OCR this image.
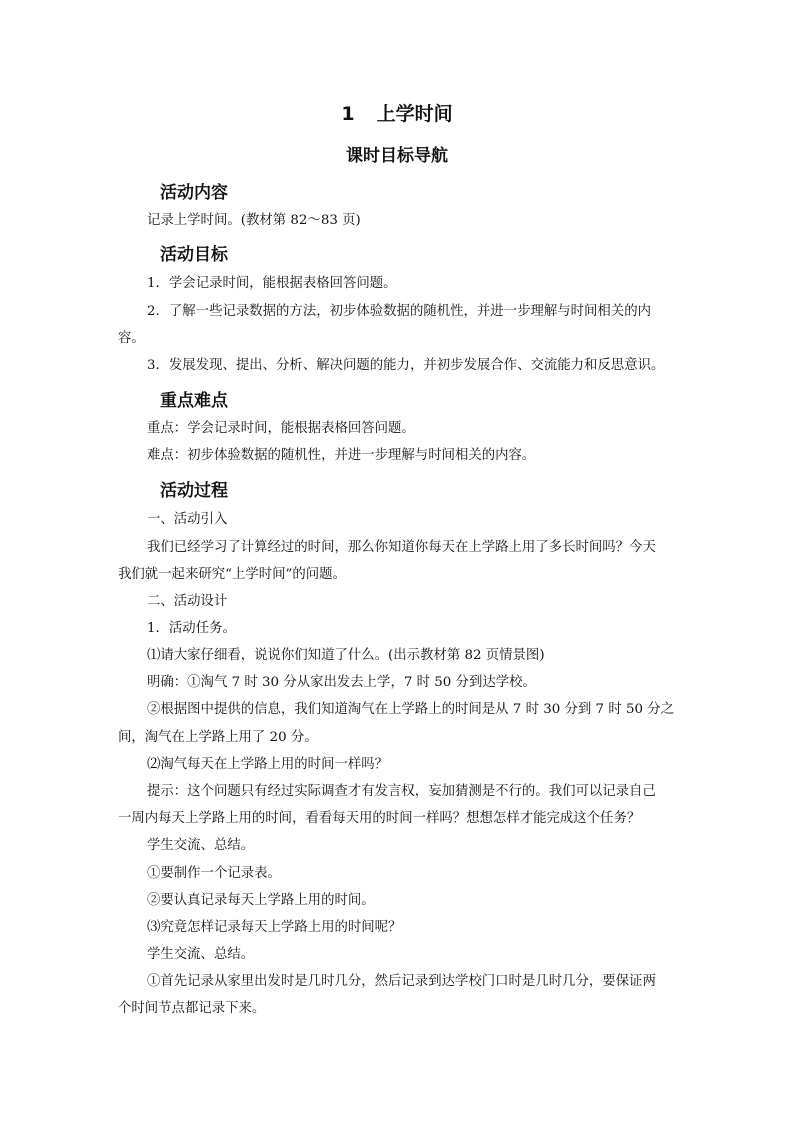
1 上学时间
课时目标导航
活动内容
记录上学时间。(教材第 82～83 页)
活动目标
1．学会记录时间，能根据表格回答问题。
2．了解一些记录数据的方法，初步体验数据的随机性，并进一步理解与时间相关的内
容。
3．发展发现、提出、分析、解决问题的能力，并初步发展合作、交流能力和反思意识。
重点难点
重点：学会记录时间，能根据表格回答问题。
难点：初步体验数据的随机性，并进一步理解与时间相关的内容。
活动过程
一、活动引入
我们已经学习了计算经过的时间，那么你知道你每天在上学路上用了多长时间吗？今天
我们就一起来研究“上学时间”的问题。
二、活动设计
1．活动任务。
⑴请大家仔细看，说说你们知道了什么。(出示教材第 82 页情景图)
明确：①淘气 7 时 30 分从家出发去上学，7 时 50 分到达学校。
②根据图中提供的信息，我们知道淘气在上学路上的时间是从 7 时 30 分到 7 时 50 分之
间，淘气在上学路上用了 20 分。
⑵淘气每天在上学路上用的时间一样吗？
提示：这个问题只有经过实际调查才有发言权，妄加猜测是不行的。我们可以记录自己
一周内每天上学路上用的时间，看看每天用的时间一样吗？想想怎样才能完成这个任务？
学生交流、总结。
①要制作一个记录表。
②要认真记录每天上学路上用的时间。
⑶究竟怎样记录每天上学路上用的时间呢？
学生交流、总结。
①首先记录从家里出发时是几时几分，然后记录到达学校门口时是几时几分，要保证两
个时间节点都记录下来。
